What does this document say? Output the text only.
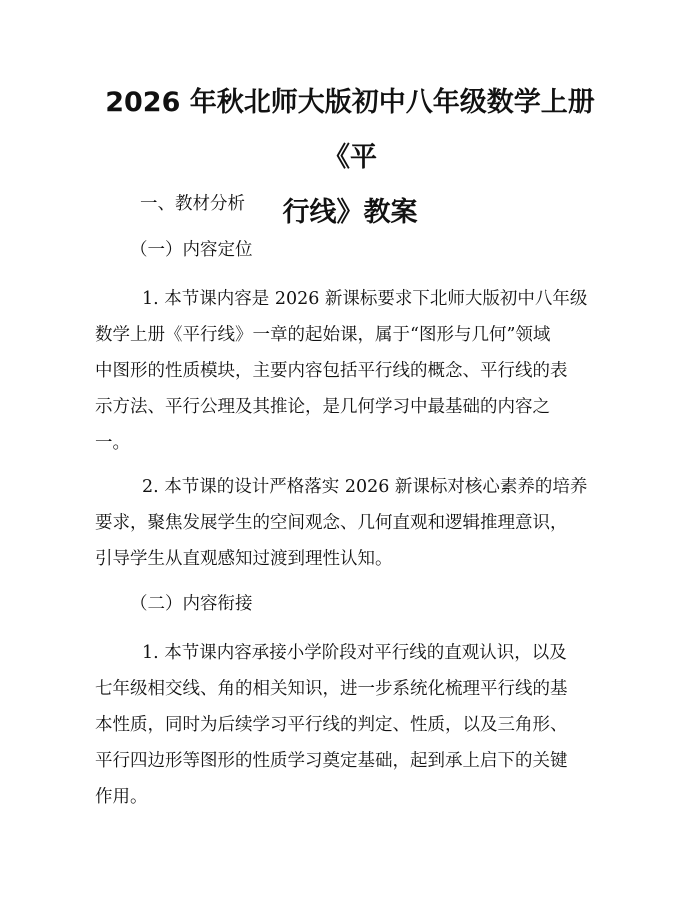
2026 年秋北师大版初中八年级数学上册《平
行线》教案
一、教材分析
（一）内容定位
1. 本节课内容是 2026 新课标要求下北师大版初中八年级
数学上册《平行线》一章的起始课，属于“图形与几何”领域
中图形的性质模块，主要内容包括平行线的概念、平行线的表
示方法、平行公理及其推论，是几何学习中最基础的内容之
一。
2. 本节课的设计严格落实 2026 新课标对核心素养的培养
要求，聚焦发展学生的空间观念、几何直观和逻辑推理意识，
引导学生从直观感知过渡到理性认知。
（二）内容衔接
1. 本节课内容承接小学阶段对平行线的直观认识，以及
七年级相交线、角的相关知识，进一步系统化梳理平行线的基
本性质，同时为后续学习平行线的判定、性质，以及三角形、
平行四边形等图形的性质学习奠定基础，起到承上启下的关键
作用。
